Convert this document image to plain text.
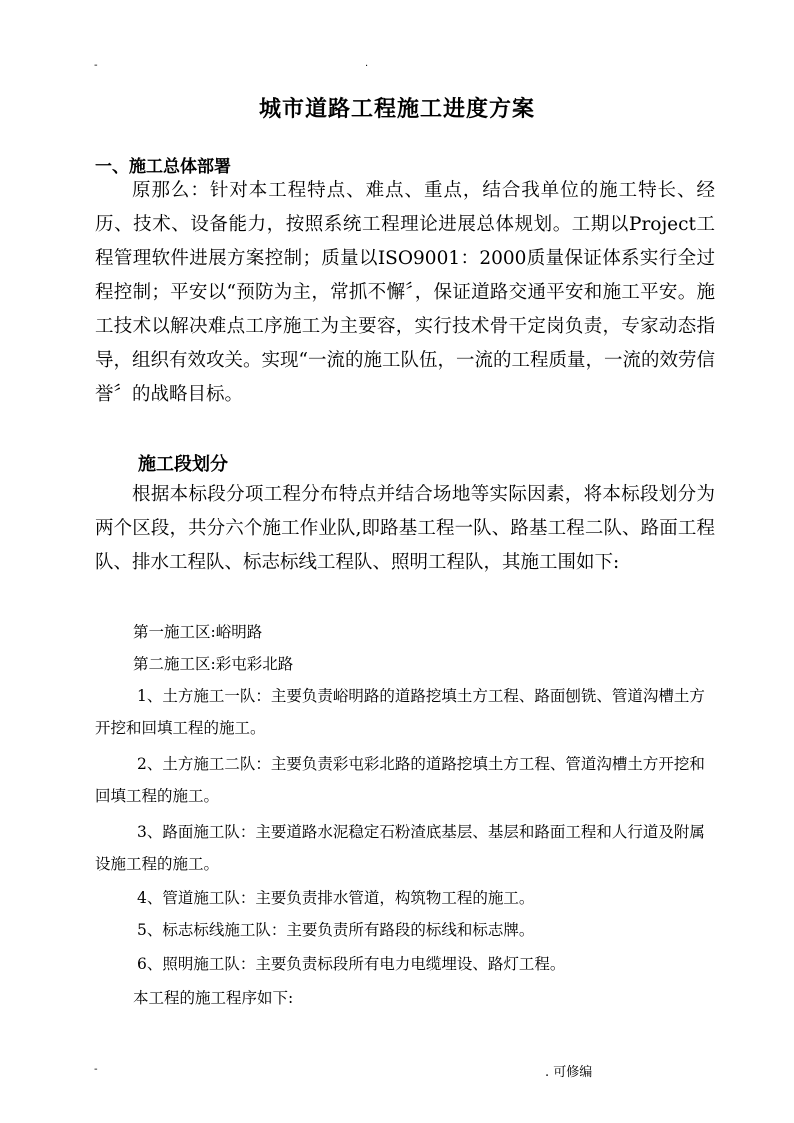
-	.
城市道路工程施工进度方案
一、施工总体部署
原那么：针对本工程特点、难点、重点，结合我单位的施工特长、经历、技术、设备能力，按照系统工程理论进展总体规划。工期以Project工程管理软件进展方案控制；质量以ISO9001：2000质量保证体系实行全过程控制；平安以“预防为主，常抓不懈〞，保证道路交通平安和施工平安。施工技术以解决难点工序施工为主要容，实行技术骨干定岗负责，专家动态指导，组织有效攻关。实现“一流的施工队伍，一流的工程质量，一流的效劳信誉〞的战略目标。
施工段划分
根据本标段分项工程分布特点并结合场地等实际因素，将本标段划分为两个区段，共分六个施工作业队,即路基工程一队、路基工程二队、路面工程队、排水工程队、标志标线工程队、照明工程队，其施工围如下:
第一施工区:峪明路
第二施工区:彩屯彩北路
1、土方施工一队：主要负责峪明路的道路挖填土方工程、路面刨铣、管道沟槽土方开挖和回填工程的施工。
2、土方施工二队：主要负责彩屯彩北路的道路挖填土方工程、管道沟槽土方开挖和回填工程的施工。
3、路面施工队：主要道路水泥稳定石粉渣底基层、基层和路面工程和人行道及附属设施工程的施工。
4、管道施工队：主要负责排水管道，构筑物工程的施工。
5、标志标线施工队：主要负责所有路段的标线和标志牌。
6、照明施工队：主要负责标段所有电力电缆埋设、路灯工程。
本工程的施工程序如下:
-	. 可修编
